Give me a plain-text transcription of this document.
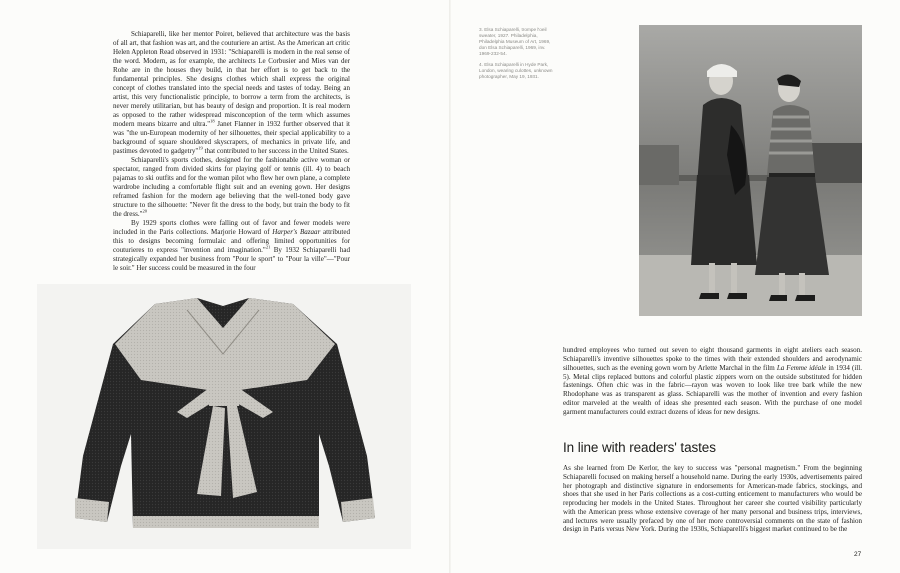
Schiaparelli, like her mentor Poiret, believed that architecture was the basis of all art, that fashion was art, and the couturiere an artist. As the American art critic Helen Appleton Read observed in 1931: "Schiaparelli is modern in the real sense of the word. Modern, as for example, the architects Le Corbusier and Mies van der Rohe are in the houses they build, in that her effort is to get back to the fundamental principles. She designs clothes which shall express the original concept of clothes translated into the special needs and tastes of today. Being an artist, this very functionalistic principle, to borrow a term from the architects, is never merely utilitarian, but has beauty of design and proportion. It is real modern as opposed to the rather widespread misconception of the term which assumes modern means bizarre and ultra."$^{18}$ Janet Flanner in 1932 further observed that it was "the un-European modernity of her silhouettes, their special applicability to a background of square shouldered skyscrapers, of mechanics in private life, and pastimes devoted to gadgetry"$^{19}$ that contributed to her success in the United States.

Schiaparelli's sports clothes, designed for the fashionable active woman or spectator, ranged from divided skirts for playing golf or tennis (ill. 4) to beach pajamas to ski outfits and for the woman pilot who flew her own plane, a complete wardrobe including a comfortable flight suit and an evening gown. Her designs reframed fashion for the modern age believing that the well-toned body gave structure to the silhouette: "Never fit the dress to the body, but train the body to fit the dress."$^{20}$

By 1929 sports clothes were falling out of favor and fewer models were included in the Paris collections. Marjorie Howard of Harper's Bazaar attributed this to designs becoming formulaic and offering limited opportunities for couturieres to express "invention and imagination."$^{21}$ By 1932 Schiaparelli had strategically expanded her business from "Pour le sport" to "Pour la ville"—"Pour le soir." Her success could be measured in the four

3. Elsa Schiaparelli, trompe l'oeil sweater, 1927. Philadelphia, Philadelphia Museum of Art, 1969, don Elsa Schiaparelli, 1969, inv. 1969-232-54.

4. Elsa Schiaparelli in Hyde Park, London, wearing culottes, unknown photographer, May 19, 1931.

hundred employees who turned out seven to eight thousand garments in eight ateliers each season. Schiaparelli's inventive silhouettes spoke to the times with their extended shoulders and aerodynamic silhouettes, such as the evening gown worn by Arlette Marchal in the film La Femme idéale in 1934 (ill. 5). Metal clips replaced buttons and colorful plastic zippers worn on the outside substituted for hidden fastenings. Often chic was in the fabric—rayon was woven to look like tree bark while the new Rhodophane was as transparent as glass. Schiaparelli was the mother of invention and every fashion editor marveled at the wealth of ideas she presented each season. With the purchase of one model garment manufacturers could extract dozens of ideas for new designs.

In line with readers' tastes

As she learned from De Kerlor, the key to success was "personal magnetism." From the beginning Schiaparelli focused on making herself a household name. During the early 1930s, advertisements paired her photograph and distinctive signature in endorsements for American-made fabrics, stockings, and shoes that she used in her Paris collections as a cost-cutting enticement to manufacturers who would be reproducing her models in the United States. Throughout her career she courted visibility particularly with the American press whose extensive coverage of her many personal and business trips, interviews, and lectures were usually prefaced by one of her more controversial comments on the state of fashion design in Paris versus New York. During the 1930s, Schiaparelli's biggest market continued to be the

27
